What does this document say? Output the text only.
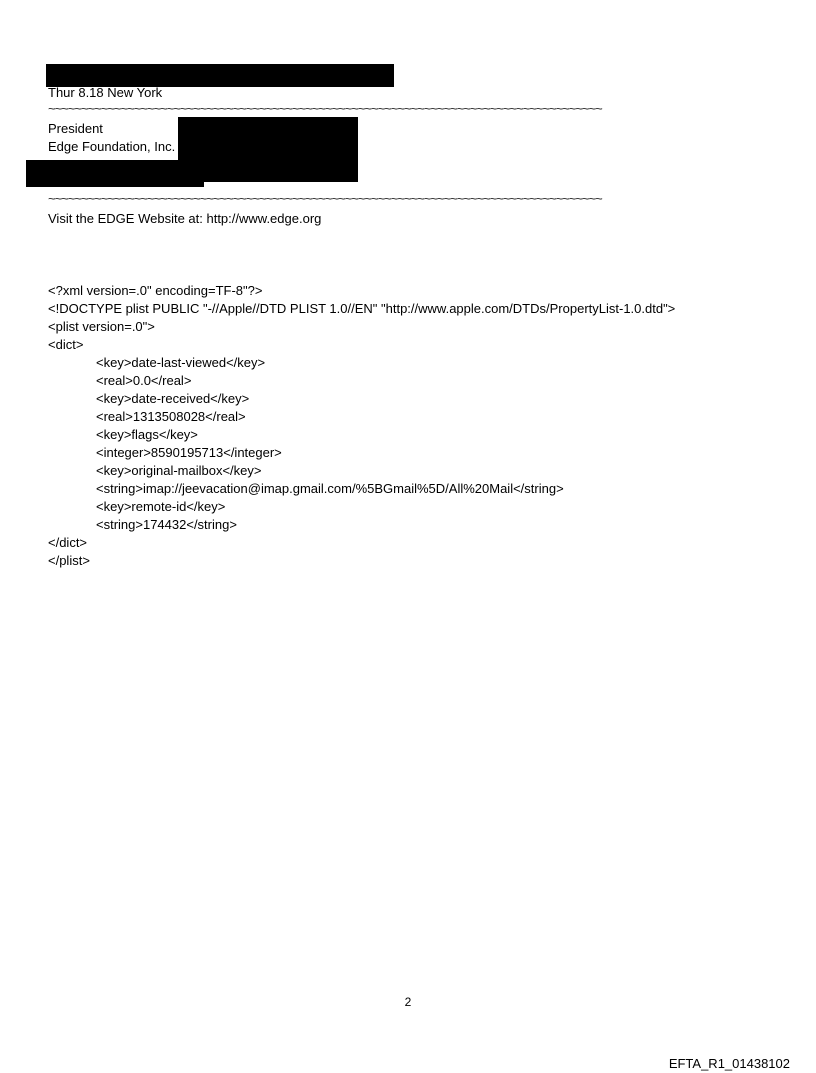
Thur 8.18 New York
~~~~~~~~~~~~~~~~~~~~~~~~~~~~~~~~~~~~~~~~~~~~~~~~~~~~~~~~~~~~~~~~~~~~~~~~~~~~~~~~~~~~
President
Edge Foundation, Inc.
~~~~~~~~~~~~~~~~~~~~~~~~~~~~~~~~~~~~~~~~~~~~~~~~~~~~~~~~~~~~~~~~~~~~~~~~~~~~~~~~~~~~
Visit the EDGE Website at: http://www.edge.org
<?xml version=.0" encoding=TF-8"?>
<!DOCTYPE plist PUBLIC "-//Apple//DTD PLIST 1.0//EN" "http://www.apple.com/DTDs/PropertyList-1.0.dtd">
<plist version=.0">
<dict>
<key>date-last-viewed</key>
<real>0.0</real>
<key>date-received</key>
<real>1313508028</real>
<key>flags</key>
<integer>8590195713</integer>
<key>original-mailbox</key>
<string>imap://jeevacation@imap.gmail.com/%5BGmail%5D/All%20Mail</string>
<key>remote-id</key>
<string>174432</string>
</dict>
</plist>
2
EFTA_R1_01438102
